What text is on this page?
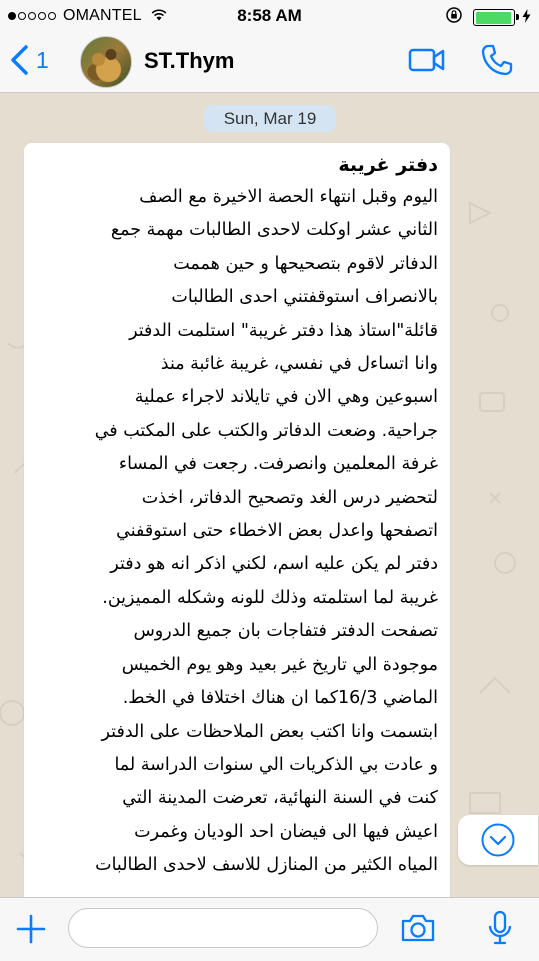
OMANTEL	8:58 AM
1	ST.Thym
Sun, Mar 19
دفتر غريبة
اليوم وقبل انتهاء الحصة الاخيرة مع الصف
الثاني عشر اوكلت لاحدى الطالبات مهمة جمع
الدفاتر لاقوم بتصحيحها و حين هممت
بالانصراف استوقفتني احدى الطالبات
قائلة"استاذ هذا دفتر غريبة" استلمت الدفتر
وانا اتساءل في نفسي، غريبة غائبة منذ
اسبوعين وهي الان في تايلاند لاجراء عملية
جراحية. وضعت الدفاتر والكتب على المكتب في
غرفة المعلمين وانصرفت. رجعت في المساء
لتحضير درس الغد وتصحيح الدفاتر، اخذت
اتصفحها واعدل بعض الاخطاء حتى استوقفني
دفتر لم يكن عليه اسم، لكني اذكر انه هو دفتر
غريبة لما استلمته وذلك للونه وشكله المميزين.
تصفحت الدفتر فتفاجات بان جميع الدروس
موجودة الي تاريخ غير بعيد وهو يوم الخميس
الماضي 16/3كما ان هناك اختلافا في الخط.
ابتسمت وانا اكتب بعض الملاحظات على الدفتر
و عادت بي الذكريات الي سنوات الدراسة لما
كنت في السنة النهائية، تعرضت المدينة التي
اعيش فيها الى فيضان احد الوديان وغمرت
المياه الكثير من المنازل للاسف لاحدى الطالبات
